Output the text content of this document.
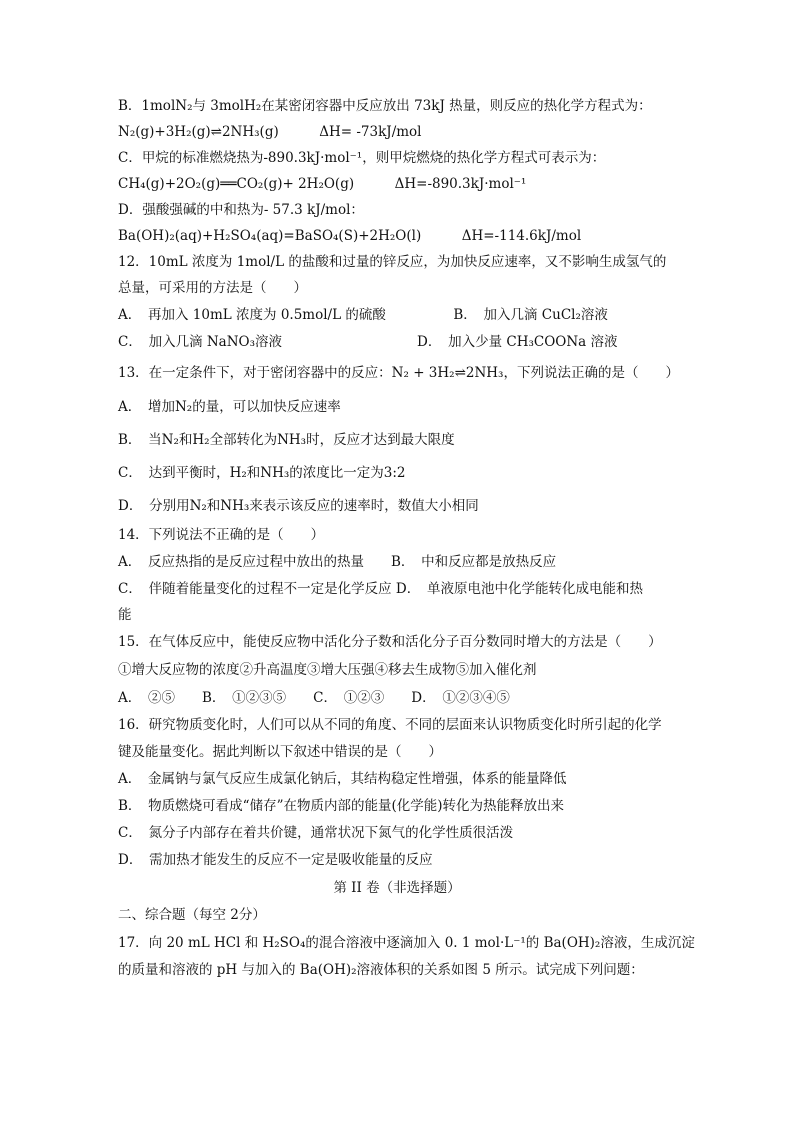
B．1molN₂与 3molH₂在某密闭容器中反应放出 73kJ 热量，则反应的热化学方程式为：
N₂(g)+3H₂(g)⇌2NH₃(g)　　　ΔH= -73kJ/mol
C．甲烷的标准燃烧热为-890.3kJ·mol⁻¹，则甲烷燃烧的热化学方程式可表示为：
CH₄(g)+2O₂(g)══CO₂(g)+ 2H₂O(g)　　　ΔH=-890.3kJ·mol⁻¹
D．强酸强碱的中和热为- 57.3 kJ/mol：
Ba(OH)₂(aq)+H₂SO₄(aq)=BaSO₄(S)+2H₂O(l)　　　ΔH=-114.6kJ/mol
12．10mL 浓度为 1mol/L 的盐酸和过量的锌反应，为加快反应速率，又不影响生成氢气的
总量，可采用的方法是（　　）
A．　再加入 10mL 浓度为 0.5mol/L 的硫酸　　　　　B．　加入几滴 CuCl₂溶液
C．　加入几滴 NaNO₃溶液　　　　　　　　　　D．　加入少量 CH₃COONa 溶液
13．在一定条件下，对于密闭容器中的反应：N₂ + 3H₂⇌2NH₃，下列说法正确的是（　　）
A．　增加N₂的量，可以加快反应速率
B．　当N₂和H₂全部转化为NH₃时，反应才达到最大限度
C．　达到平衡时，H₂和NH₃的浓度比一定为3:2
D．　分别用N₂和NH₃来表示该反应的速率时，数值大小相同
14．下列说法不正确的是（　　）
A．　反应热指的是反应过程中放出的热量　　B．　中和反应都是放热反应
C．　伴随着能量变化的过程不一定是化学反应 D．　单液原电池中化学能转化成电能和热
能
15．在气体反应中，能使反应物中活化分子数和活化分子百分数同时增大的方法是（　　）
①增大反应物的浓度②升高温度③增大压强④移去生成物⑤加入催化剂
A．　②⑤　　B．　①②③⑤　　C．　①②③　　D．　①②③④⑤
16．研究物质变化时，人们可以从不同的角度、不同的层面来认识物质变化时所引起的化学
键及能量变化。据此判断以下叙述中错误的是（　　）
A．　金属钠与氯气反应生成氯化钠后，其结构稳定性增强，体系的能量降低
B．　物质燃烧可看成“储存”在物质内部的能量(化学能)转化为热能释放出来
C．　氮分子内部存在着共价键，通常状况下氮气的化学性质很活泼
D．　需加热才能发生的反应不一定是吸收能量的反应
第 II 卷（非选择题）
二、综合题（每空 2分）
17．向 20 mL HCl 和 H₂SO₄的混合溶液中逐滴加入 0. 1 mol·L⁻¹的 Ba(OH)₂溶液，生成沉淀
的质量和溶液的 pH 与加入的 Ba(OH)₂溶液体积的关系如图 5 所示。试完成下列问题：
